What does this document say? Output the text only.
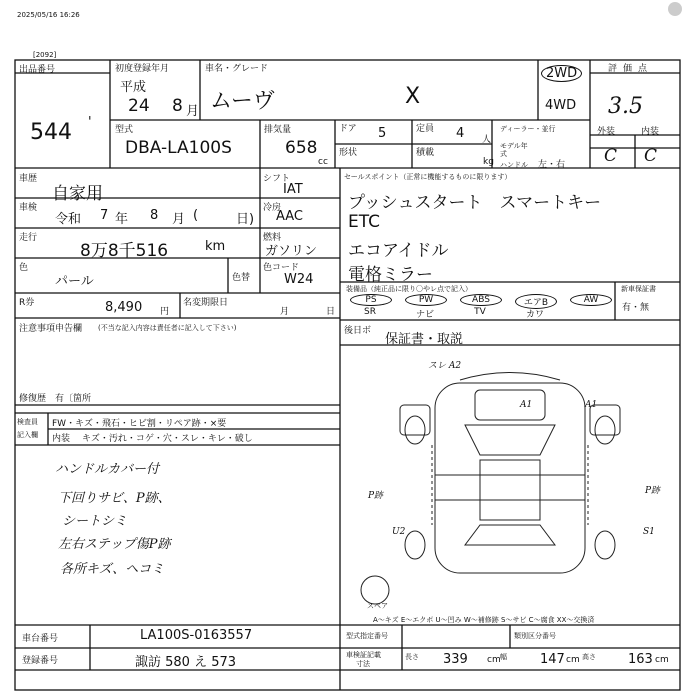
2025/05/16 16:26
[2092]
出品番号
544 '
初度登録年月
平成
24 8 月
車名・グレード
ムーヴ	X
2WD
4WD
評価点
3.5
外装	内装
C C
型式
DBA-LA100S
排気量
658
cc
ドア 5
形状
定員 4 人
積載
kg
ディーラー・並行
モデル年式
ハンドル 左・右
車歴
自家用
車検
令和 7 年 8 月 (	日)
走行
8万8千516	km
色
パール	色替
シフト
IAT
冷房
AAC
燃料
ガソリン
色コード
W24
R券	8,490 円
名変期限日
月	日
注意事項申告欄 (不当な記入内容は責任者に記入して下さい)
修復歴　有〔箇所
検査員
記入欄
FW・キズ・飛石・ヒビ割・リペア跡・×要
内装 キズ・汚れ・コゲ・穴・スレ・キレ・破し
ハンドルカバー付
下回りサビ、P跡、
シートシミ
左右ステップ傷P跡
各所キズ、ヘコミ
セールスポイント（正常に機能するものに限ります）
プッシュスタート　スマートキー
ETC
エコアイドル
電格ミラー
装備品（純正品に限り〇やレ点で記入）	新車保証書
有・無
PS
SR
PW
ナビ
ABS
TV
エアB
カワ
AW
後日ボ
保証書・取説
スレ A2
A1	A1
P跡	P跡
U2	S1
スペア
A～キズ E～エクボ U～凹み W～補修跡 S～サビ C～腐食 XX～交換済
車台番号	LA100S-0163557
登録番号	諏訪 580 え 573
型式指定番号	類別区分番号
車検証記載
寸法
長さ 339 cm 幅	147 cm 高さ 163 cm
